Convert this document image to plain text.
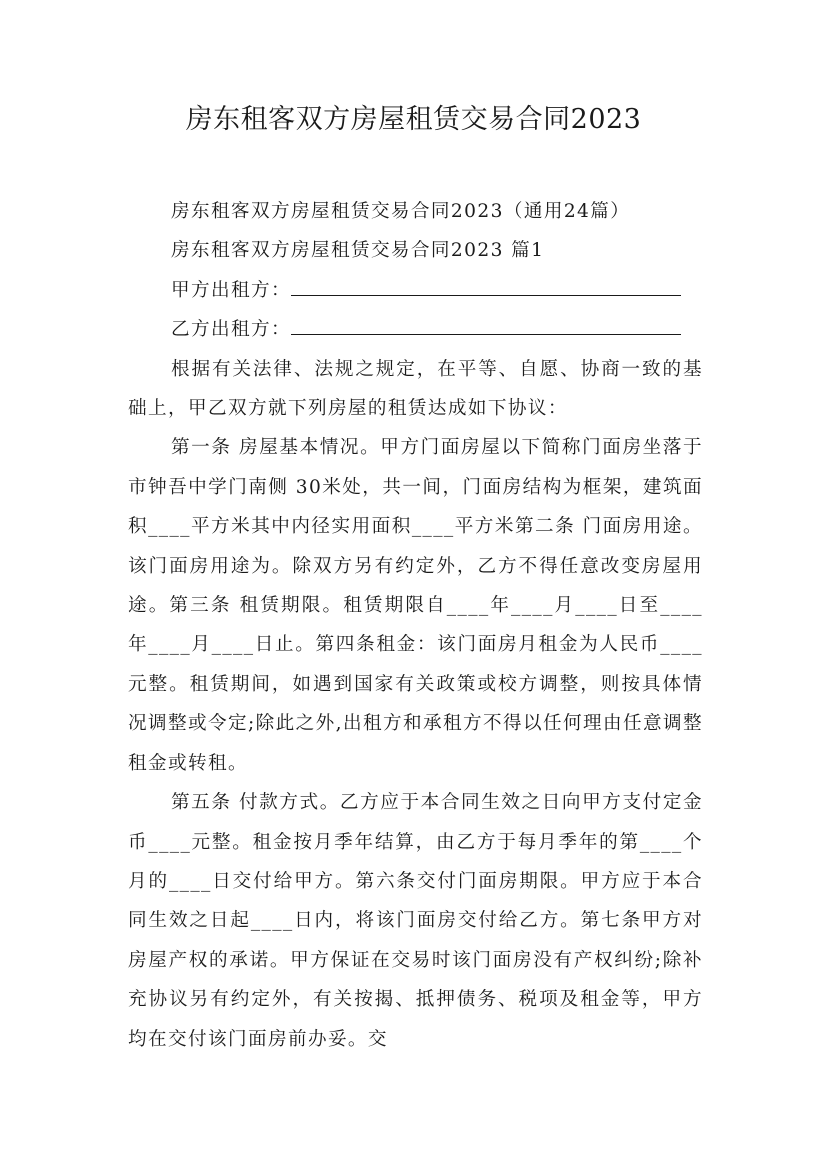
房东租客双方房屋租赁交易合同2023
房东租客双方房屋租赁交易合同2023（通用24篇）
房东租客双方房屋租赁交易合同2023 篇1
甲方出租方：
乙方出租方：

根据有关法律、法规之规定，在平等、自愿、协商一致的基础上，甲乙双方就下列房屋的租赁达成如下协议：

第一条 房屋基本情况。甲方门面房屋以下简称门面房坐落于市钟吾中学门南侧 30米处，共一间，门面房结构为框架，建筑面积____平方米其中内径实用面积____平方米第二条 门面房用途。该门面房用途为。除双方另有约定外，乙方不得任意改变房屋用途。第三条 租赁期限。租赁期限自____年____月____日至____年____月____日止。第四条租金：该门面房月租金为人民币____元整。租赁期间，如遇到国家有关政策或校方调整，则按具体情况调整或令定;除此之外,出租方和承租方不得以任何理由任意调整租金或转租。

第五条 付款方式。乙方应于本合同生效之日向甲方支付定金币____元整。租金按月季年结算，由乙方于每月季年的第____个月的____日交付给甲方。第六条交付门面房期限。甲方应于本合同生效之日起____日内，将该门面房交付给乙方。第七条甲方对房屋产权的承诺。甲方保证在交易时该门面房没有产权纠纷;除补充协议另有约定外，有关按揭、抵押债务、税项及租金等，甲方均在交付该门面房前办妥。交
